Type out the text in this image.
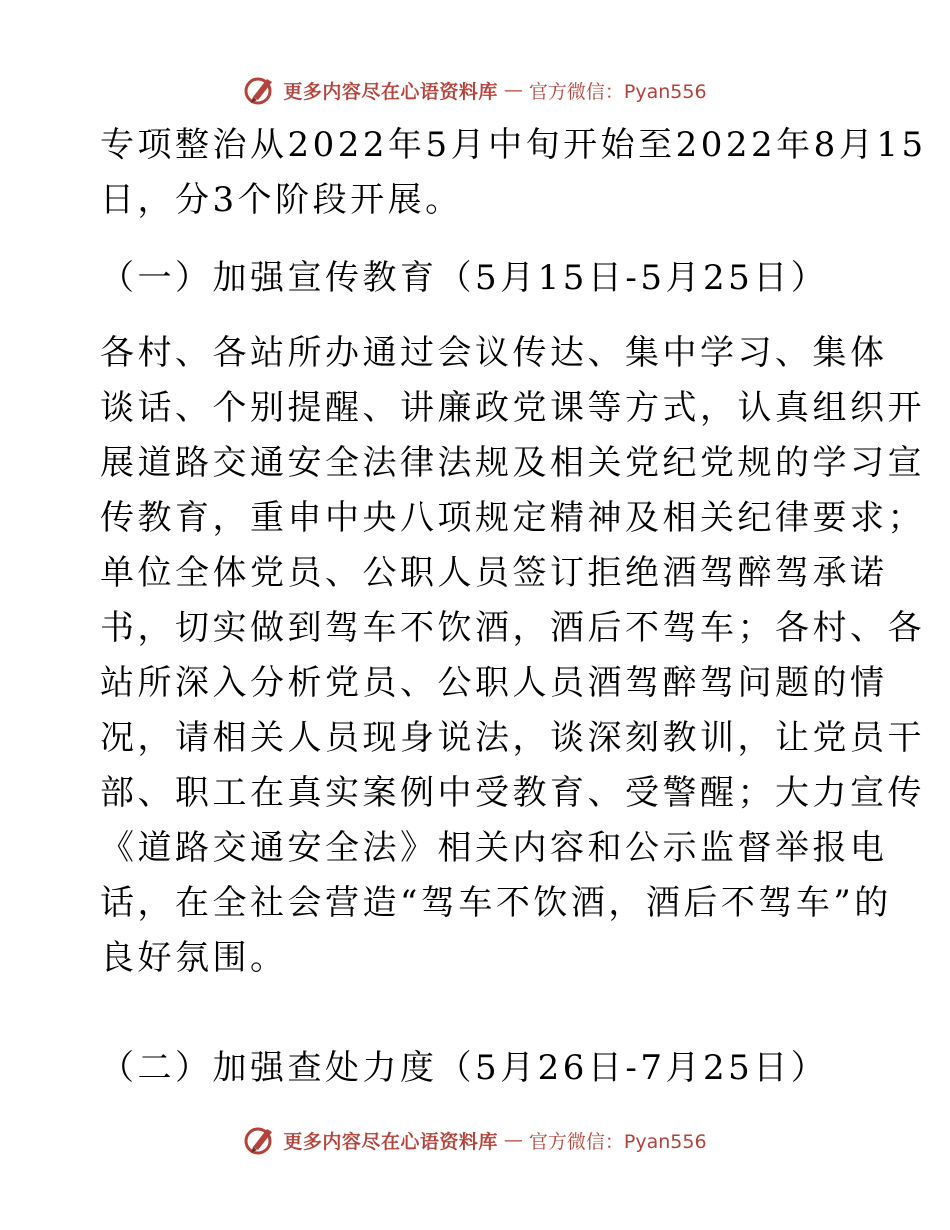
更多内容尽在心语资料库 — 官方微信：Pyan556
专项整治从2022年5月中旬开始至2022年8月15
日，分3个阶段开展。
（一）加强宣传教育（5月15日-5月25日）
各村、各站所办通过会议传达、集中学习、集体
谈话、个别提醒、讲廉政党课等方式，认真组织开
展道路交通安全法律法规及相关党纪党规的学习宣
传教育，重申中央八项规定精神及相关纪律要求；
单位全体党员、公职人员签订拒绝酒驾醉驾承诺
书，切实做到驾车不饮酒，酒后不驾车；各村、各
站所深入分析党员、公职人员酒驾醉驾问题的情
况，请相关人员现身说法，谈深刻教训，让党员干
部、职工在真实案例中受教育、受警醒；大力宣传
《道路交通安全法》相关内容和公示监督举报电
话，在全社会营造“驾车不饮酒，酒后不驾车”的
良好氛围。
（二）加强查处力度（5月26日-7月25日）
更多内容尽在心语资料库 — 官方微信：Pyan556
